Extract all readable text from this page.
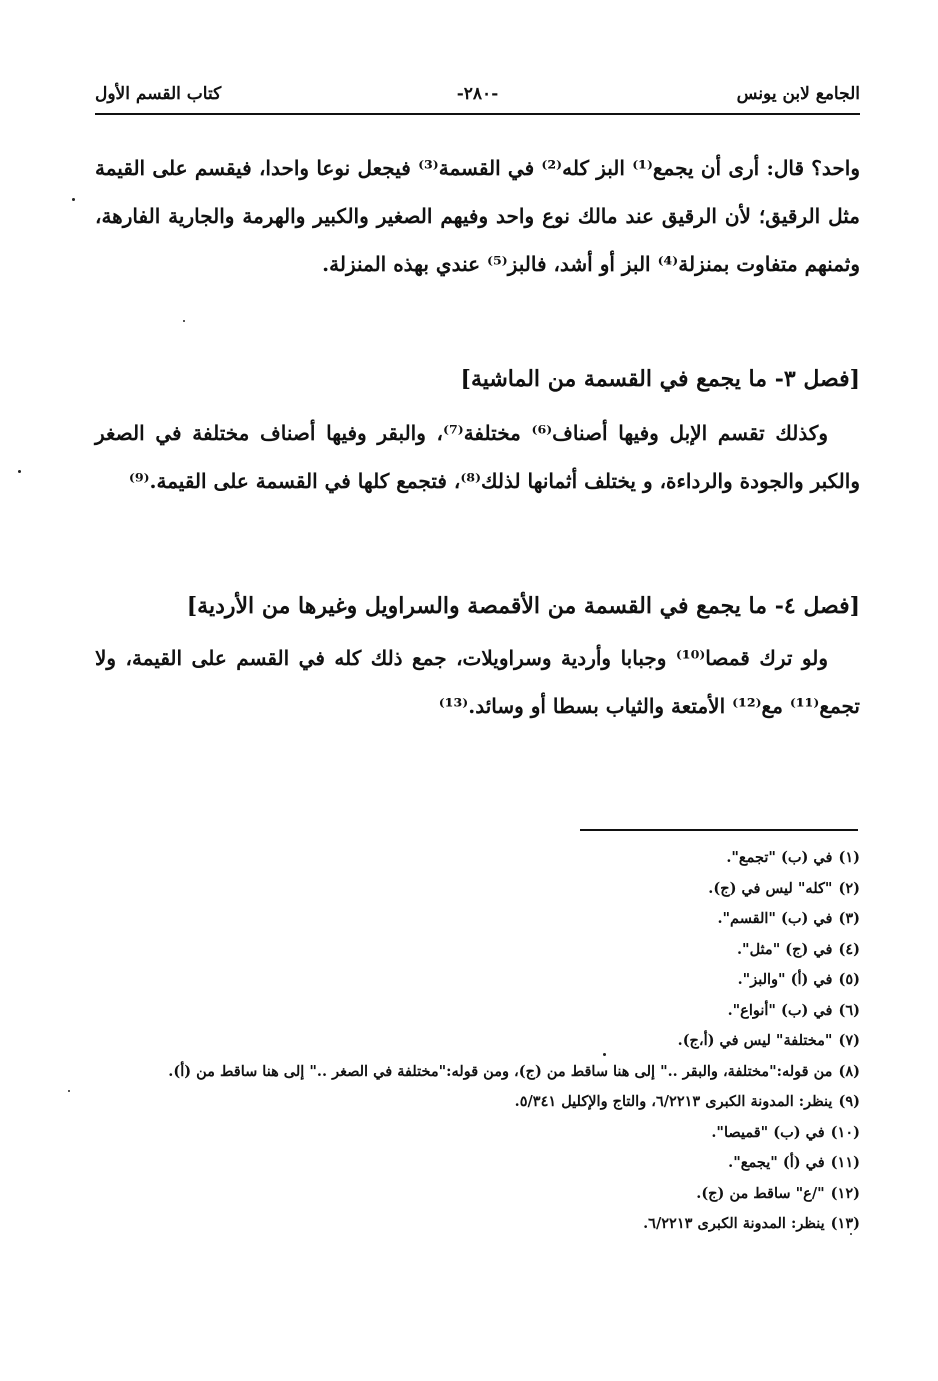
الجامع لابن يونس
-٢٨٠-
كتاب القسم الأول
واحد؟ قال: أرى أن يجمع⁽¹⁾ البز كله⁽²⁾ في القسمة⁽³⁾ فيجعل نوعا واحدا، فيقسم على القيمة مثل الرقيق؛ لأن الرقيق عند مالك نوع واحد وفيهم الصغير والكبير والهرمة والجارية الفارهة، وثمنهم متفاوت بمنزلة⁽⁴⁾ البز أو أشد، فالبز⁽⁵⁾ عندي بهذه المنزلة.
[فصل ٣- ما يجمع في القسمة من الماشية]
وكذلك تقسم الإبل وفيها أصناف⁽⁶⁾ مختلفة⁽⁷⁾، والبقر وفيها أصناف مختلفة في الصغر والكبر والجودة والرداءة، و يختلف أثمانها لذلك⁽⁸⁾، فتجمع كلها في القسمة على القيمة.⁽⁹⁾
[فصل ٤- ما يجمع في القسمة من الأقمصة والسراويل وغيرها من الأردية]
ولو ترك قمصا⁽¹⁰⁾ وجبابا وأردية وسراويلات، جمع ذلك كله في القسم على القيمة، ولا تجمع⁽¹¹⁾ مع⁽¹²⁾ الأمتعة والثياب بسطا أو وسائد.⁽¹³⁾
(١)في (ب) "تجمع".
(٢)"كله" ليس في (ج).
(٣)في (ب) "القسم".
(٤)في (ج) "مثل".
(٥)في (أ) "والبز".
(٦)في (ب) "أنواع".
(٧)"مختلفة" ليس في (أ،ج).
(٨)من قوله:"مختلفة، والبقر .." إلى هنا ساقط من (ج)، ومن قوله:"مختلفة في الصغر .." إلى هنا ساقط من (أ).
(٩)ينظر: المدونة الكبرى ٦/٢٢١٣، والتاج والإكليل ٥/٣٤١.
(١٠)في (ب) "قميصا".
(١١)في (أ) "يجمع".
(١٢)"/ع" ساقط من (ج).
(١٣)ينظر: المدونة الكبرى ٦/٢٢١٣.
